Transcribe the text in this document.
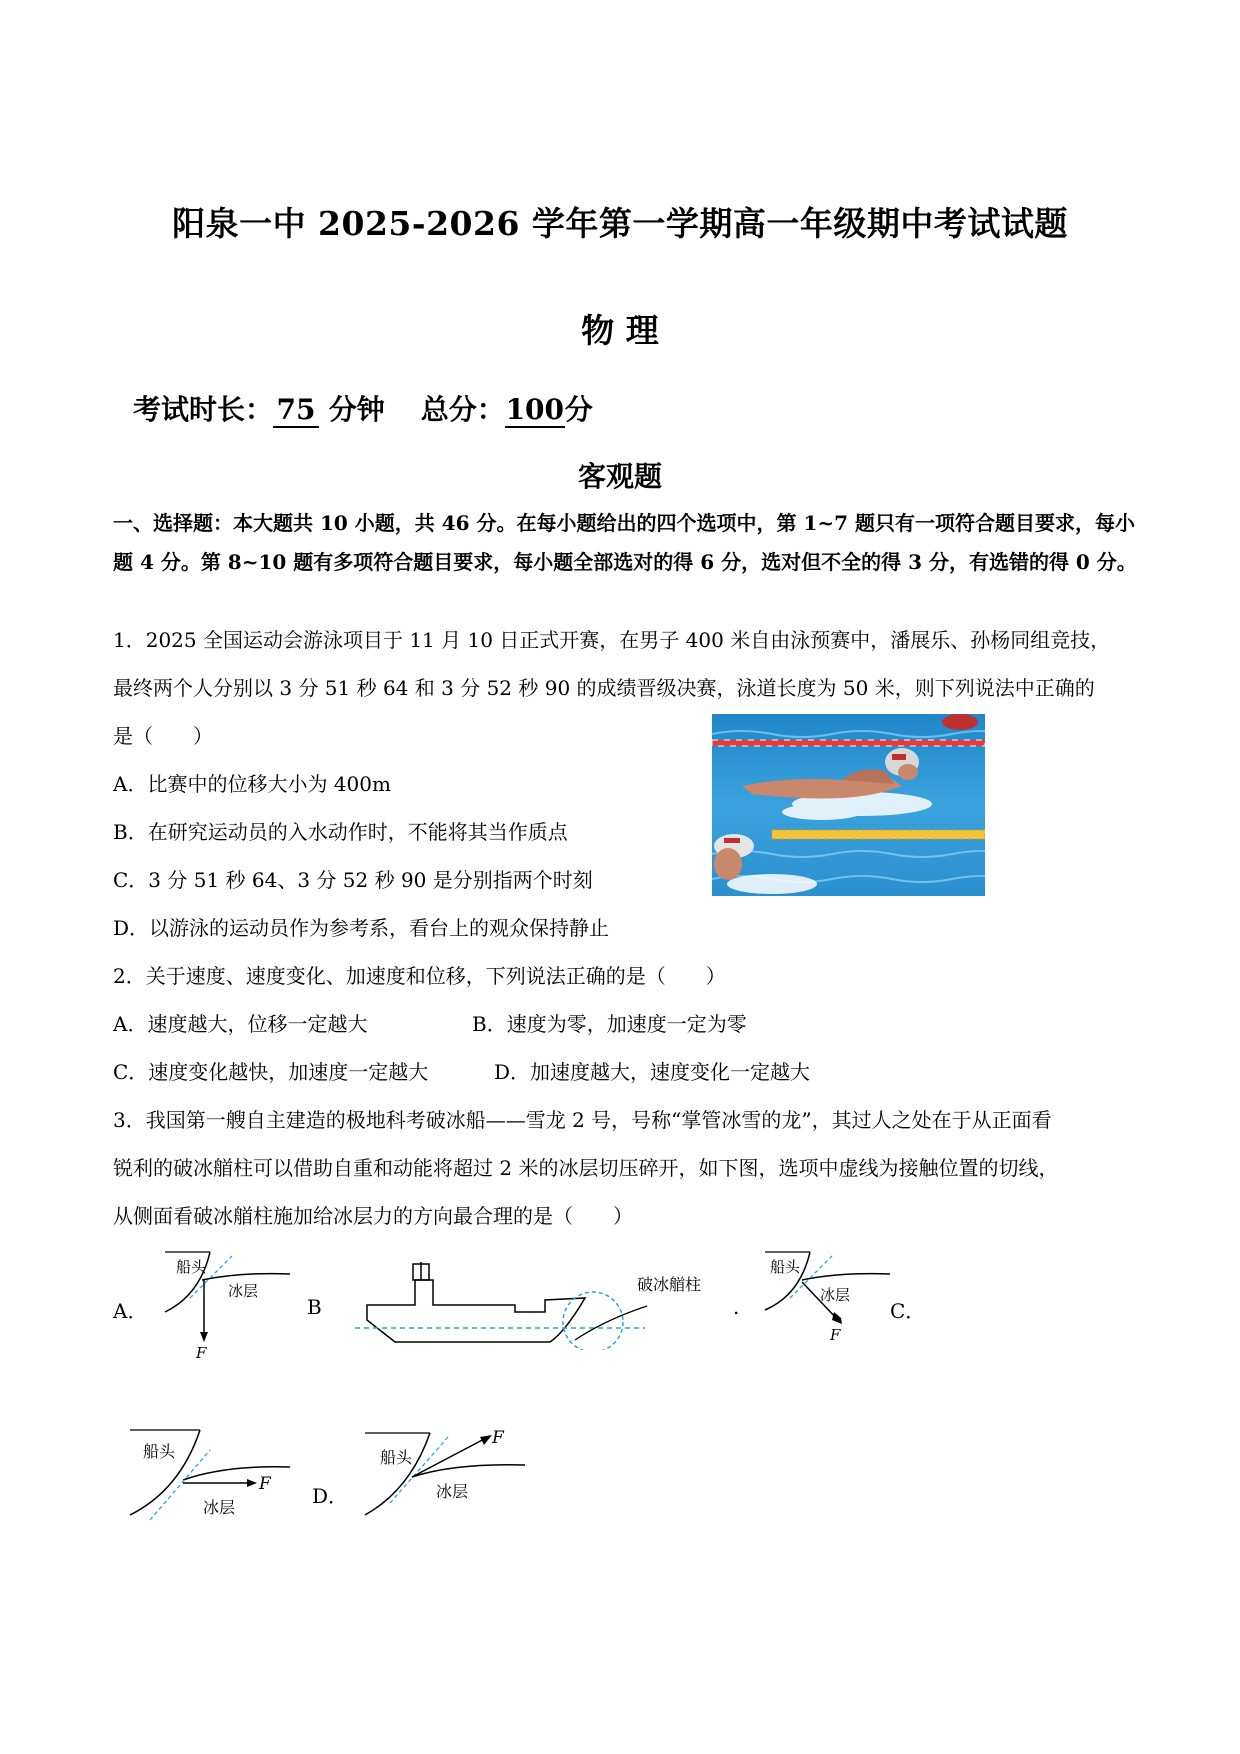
阳泉一中 2025-2026 学年第一学期高一年级期中考试试题
物 理
考试时长： 75 分钟 总分：100分
客观题
一、选择题：本大题共 10 小题，共 46 分。在每小题给出的四个选项中，第 1~7 题只有一项符合题目要求，每小题 4 分。第 8~10 题有多项符合题目要求，每小题全部选对的得 6 分，选对但不全的得 3 分，有选错的得 0 分。
1．2025 全国运动会游泳项目于 11 月 10 日正式开赛，在男子 400 米自由泳预赛中，潘展乐、孙杨同组竞技，
最终两个人分别以 3 分 51 秒 64 和 3 分 52 秒 90 的成绩晋级决赛，泳道长度为 50 米，则下列说法中正确的
是（　　）
A．比赛中的位移大小为 400m
B．在研究运动员的入水动作时，不能将其当作质点
C．3 分 51 秒 64、3 分 52 秒 90 是分别指两个时刻
D．以游泳的运动员作为参考系，看台上的观众保持静止
2．关于速度、速度变化、加速度和位移，下列说法正确的是（　　）
A．速度越大，位移一定越大	B．速度为零，加速度一定为零
C．速度变化越快，加速度一定越大	D．加速度越大，速度变化一定越大
3．我国第一艘自主建造的极地科考破冰船——雪龙 2 号，号称“掌管冰雪的龙”，其过人之处在于从正面看
锐利的破冰艏柱可以借助自重和动能将超过 2 米的冰层切压碎开，如下图，选项中虚线为接触位置的切线，
从侧面看破冰艏柱施加给冰层力的方向最合理的是（　　）
A．
船头
冰层
F
B
破冰艏柱
.
船头
冰层
F
C．
船头
冰层
F D．
船头
冰层
F
